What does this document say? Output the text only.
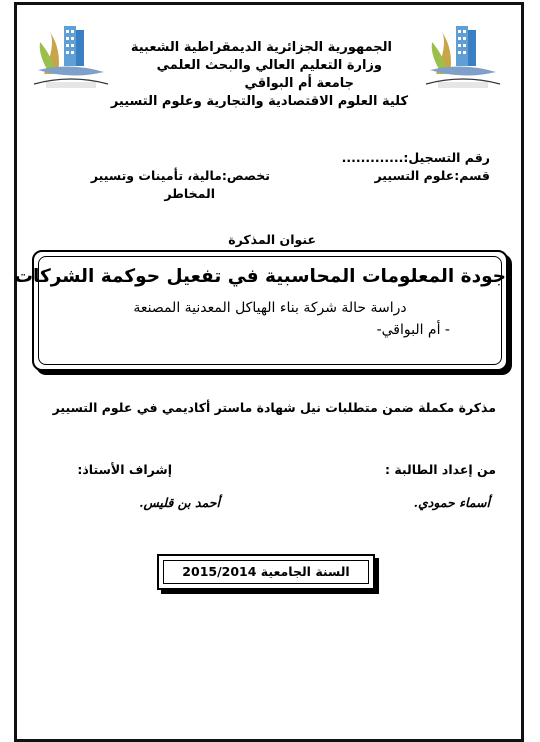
الجمهورية الجزائرية الديمقراطية الشعبية
وزارة التعليم العالي والبحث العلمي
جامعة أم البواقي
كلية العلوم الاقتصادية والتجارية وعلوم التسيير
رقم التسجيل:.............
قسم:علوم التسيير
تخصص:مالية، تأمينات وتسيير
المخاطر
عنوان المذكرة
جودة المعلومات المحاسبية في تفعيل حوكمة الشركات
دراسة حالة شركة بناء الهياكل المعدنية المصنعة
- أم البواقي-
مذكرة مكملة ضمن متطلبات نيل شهادة ماستر أكاديمي في علوم التسيير
من إعداد الطالبة :
إشراف الأستاذ:
أسماء حمودي.
أحمد بن قليس.
السنة الجامعية 2015/2014
